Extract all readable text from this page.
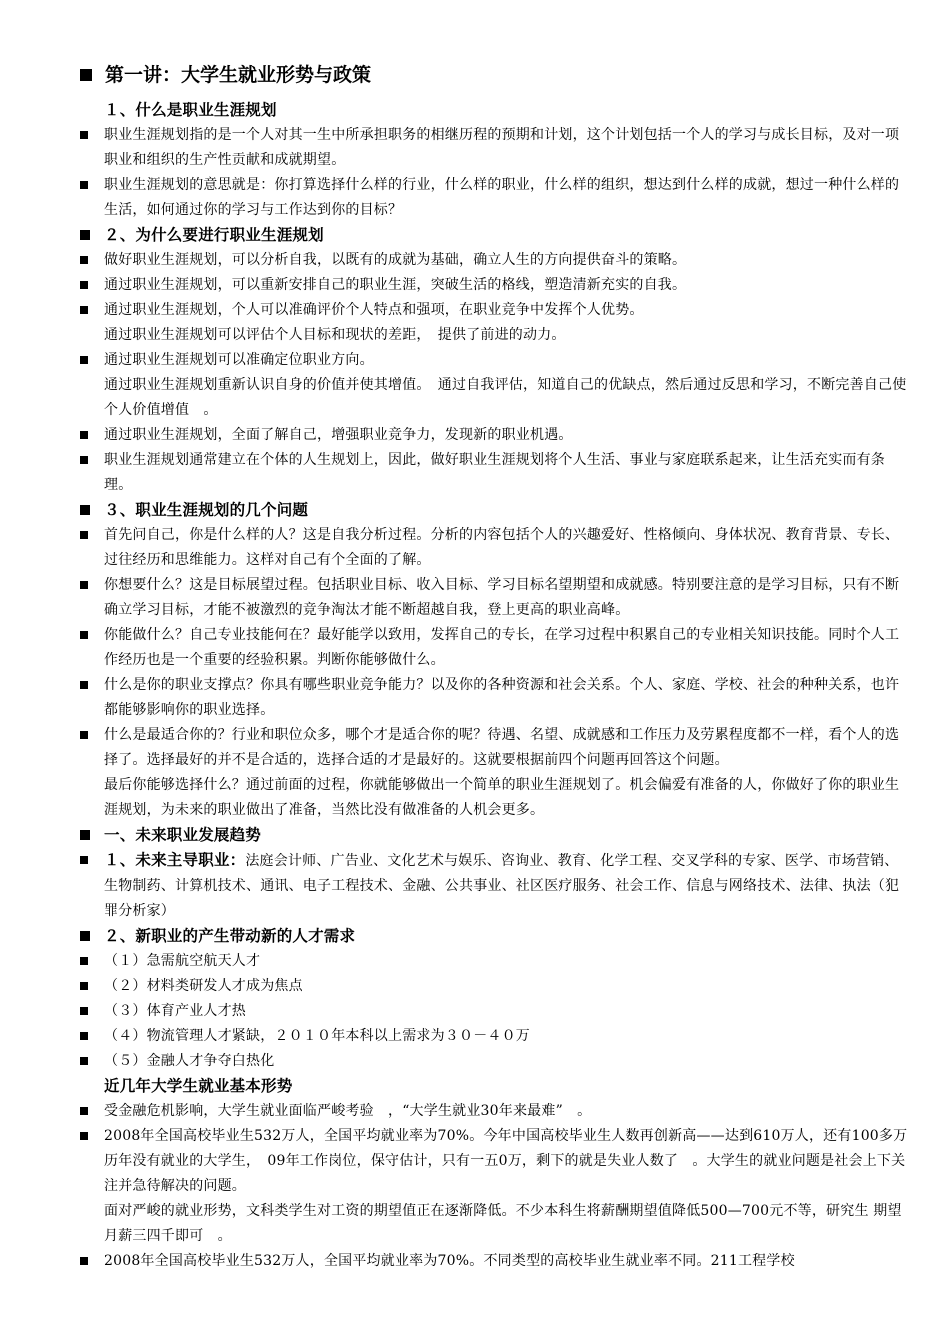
第一讲：大学生就业形势与政策
１、什么是职业生涯规划
职业生涯规划指的是一个人对其一生中所承担职务的相继历程的预期和计划，这个计划包括一个人的学习与成长目标，及对一项职业和组织的生产性贡献和成就期望。
职业生涯规划的意思就是：你打算选择什么样的行业，什么样的职业，什么样的组织，想达到什么样的成就，想过一种什么样的生活，如何通过你的学习与工作达到你的目标？
２、为什么要进行职业生涯规划
做好职业生涯规划，可以分析自我，以既有的成就为基础，确立人生的方向提供奋斗的策略。
通过职业生涯规划，可以重新安排自己的职业生涯，突破生活的格线，塑造清新充实的自我。
通过职业生涯规划，个人可以准确评价个人特点和强项，在职业竞争中发挥个人优势。
通过职业生涯规划可以评估个人目标和现状的差距，　提供了前进的动力。
通过职业生涯规划可以准确定位职业方向。
通过职业生涯规划重新认识自身的价值并使其增值。　通过自我评估，知道自己的优缺点，然后通过反思和学习，不断完善自己使个人价值增值　。
通过职业生涯规划，全面了解自己，增强职业竞争力，发现新的职业机遇。
职业生涯规划通常建立在个体的人生规划上，因此，做好职业生涯规划将个人生活、事业与家庭联系起来，让生活充实而有条理。
３、职业生涯规划的几个问题
首先问自己，你是什么样的人？这是自我分析过程。分析的内容包括个人的兴趣爱好、性格倾向、身体状况、教育背景、专长、过往经历和思维能力。这样对自己有个全面的了解。
你想要什么？这是目标展望过程。包括职业目标、收入目标、学习目标名望期望和成就感。特别要注意的是学习目标，只有不断确立学习目标，才能不被激烈的竞争淘汰才能不断超越自我，登上更高的职业高峰。
你能做什么？自己专业技能何在？最好能学以致用，发挥自己的专长，在学习过程中积累自己的专业相关知识技能。同时个人工作经历也是一个重要的经验积累。判断你能够做什么。
什么是你的职业支撑点？你具有哪些职业竞争能力？以及你的各种资源和社会关系。个人、家庭、学校、社会的种种关系，也许都能够影响你的职业选择。
什么是最适合你的？行业和职位众多，哪个才是适合你的呢？待遇、名望、成就感和工作压力及劳累程度都不一样，看个人的选择了。选择最好的并不是合适的，选择合适的才是最好的。这就要根据前四个问题再回答这个问题。
最后你能够选择什么？通过前面的过程，你就能够做出一个简单的职业生涯规划了。机会偏爱有准备的人，你做好了你的职业生涯规划，为未来的职业做出了准备，当然比没有做准备的人机会更多。
一、未来职业发展趋势
１、未来主导职业：法庭会计师、广告业、文化艺术与娱乐、咨询业、教育、化学工程、交叉学科的专家、医学、市场营销、生物制药、计算机技术、通讯、电子工程技术、金融、公共事业、社区医疗服务、社会工作、信息与网络技术、法律、执法（犯罪分析家）
２、新职业的产生带动新的人才需求
（１）急需航空航天人才
（２）材料类研发人才成为焦点
（３）体育产业人才热
（４）物流管理人才紧缺，２０１０年本科以上需求为３０－４０万
（５）金融人才争夺白热化
近几年大学生就业基本形势
受金融危机影响，大学生就业面临严峻考验　，“大学生就业30年来最难”　。
2008年全国高校毕业生532万人，全国平均就业率为70%。今年中国高校毕业生人数再创新高——达到610万人，还有100多万历年没有就业的大学生，　09年工作岗位，保守估计，只有一五0万，剩下的就是失业人数了　。大学生的就业问题是社会上下关注并急待解决的问题。
面对严峻的就业形势，文科类学生对工资的期望值正在逐渐降低。不少本科生将薪酬期望值降低500—700元不等，研究生 期望月薪三四千即可　。
2008年全国高校毕业生532万人，全国平均就业率为70%。不同类型的高校毕业生就业率不同。211工程学校
